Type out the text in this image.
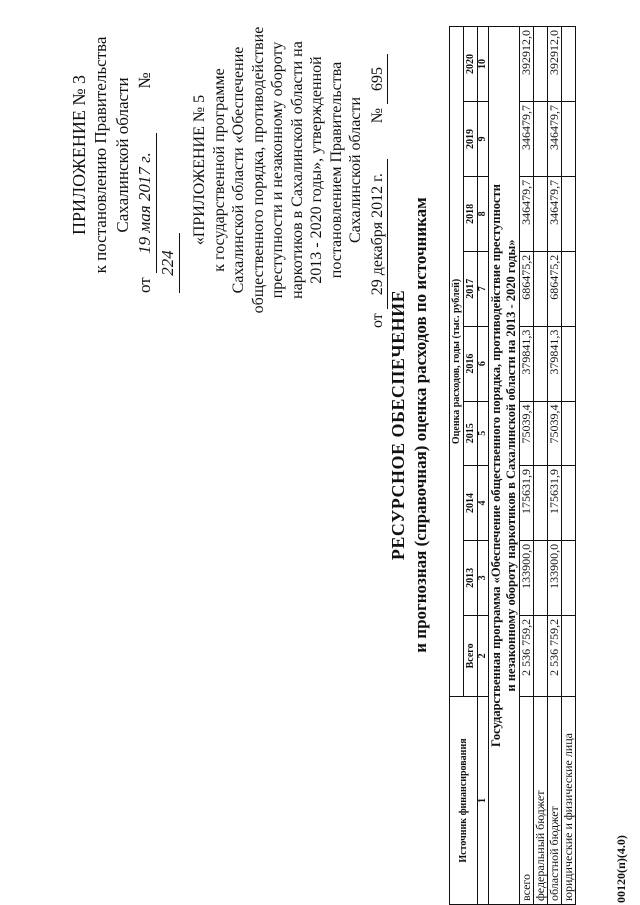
ПРИЛОЖЕНИЕ № 3 к постановлению Правительства Сахалинской области
от 19 мая 2017 г.  № 224
«ПРИЛОЖЕНИЕ № 5 к государственной программе Сахалинской области «Обеспечение общественного порядка, противодействие преступности и незаконному обороту наркотиков в Сахалинской области на 2013 - 2020 годы», утвержденной постановлением Правительства Сахалинской области
от 29 декабря 2012 г.  № 695
РЕСУРСНОЕ ОБЕСПЕЧЕНИЕ и прогнозная (справочная) оценка расходов по источникам
Источник финансирования	Оценка расходов, годы (тыс. рублей)								
	Всего	2013	2014	2015	2016	2017	2018	2019	2020
1	2	3	4	5	6	7	8	9	10

Государственная программа «Обеспечение общественного порядка, противодействие преступности и незаконному обороту наркотиков в Сахалинской области на 2013 - 2020 годы»									

всего	2 536 759,2	133900,0	175631,9	75039,4	379841,3	686475,2	346479,7	346479,7	392912,0
федеральный бюджет									
областной бюджет	2 536 759,2	133900,0	175631,9	75039,4	379841,3	686475,2	346479,7	346479,7	392912,0
юридические и физические лица										00120(п)(4.0)
